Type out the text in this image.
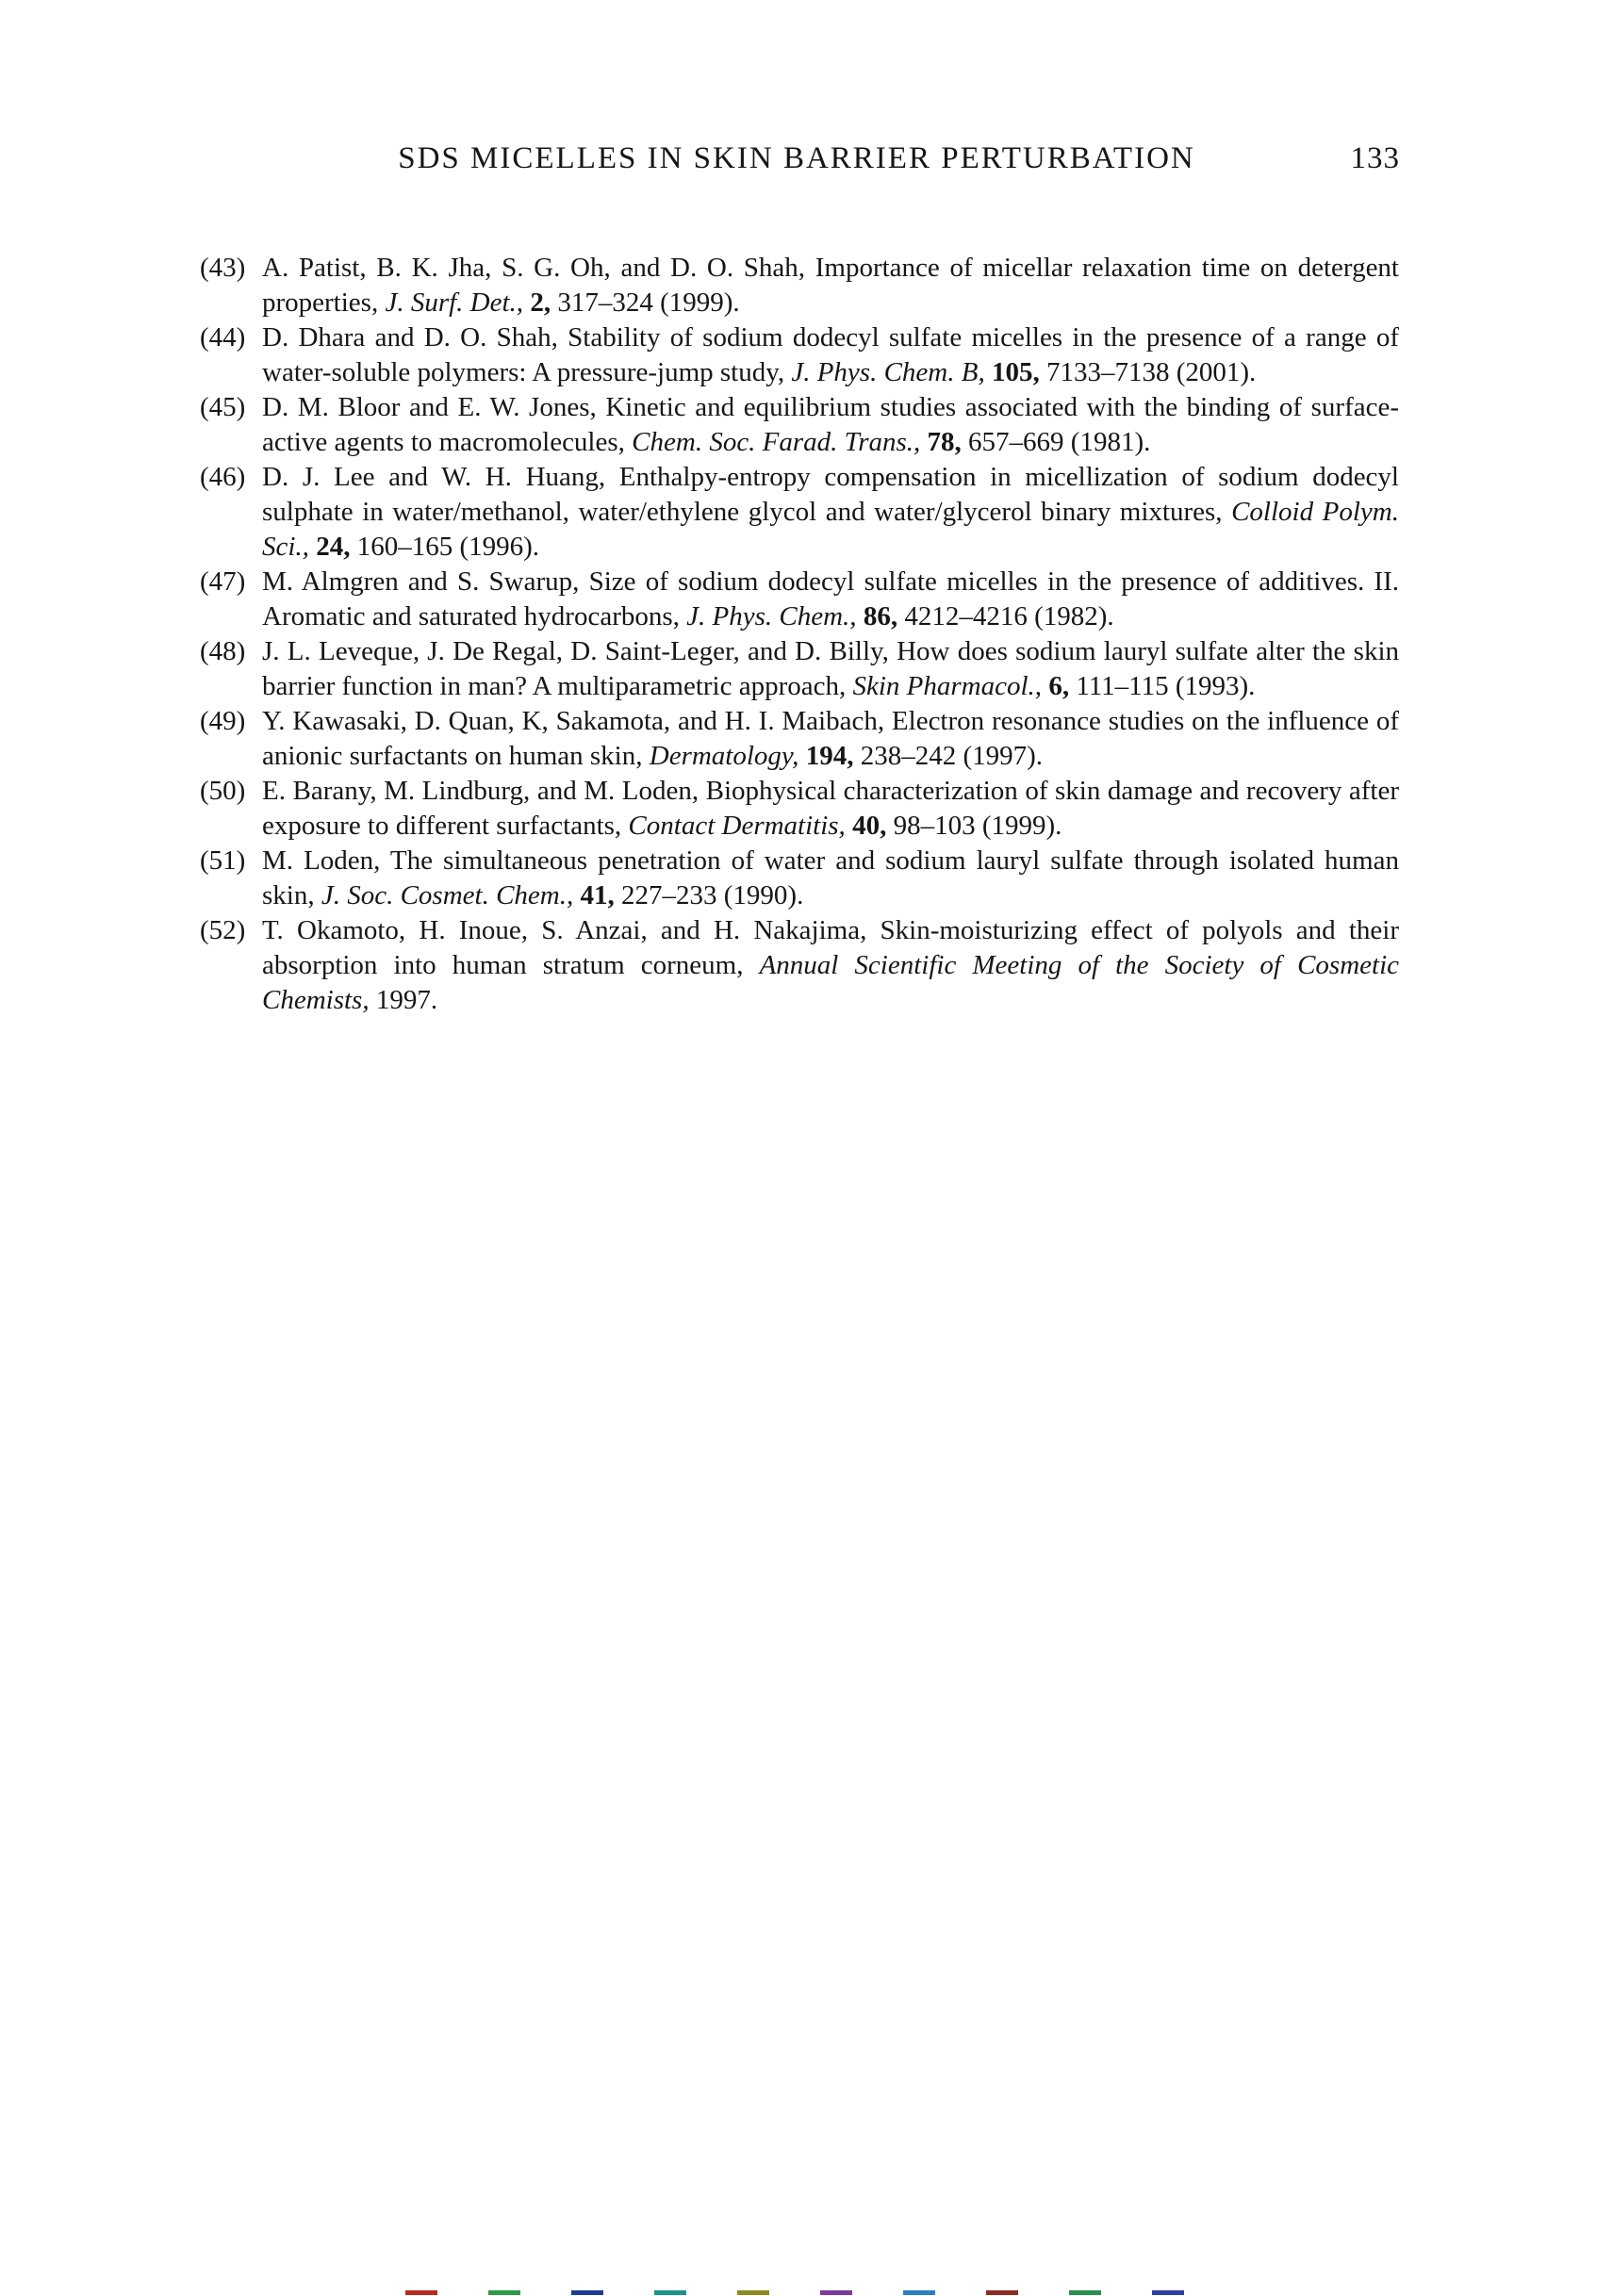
SDS MICELLES IN SKIN BARRIER PERTURBATION	133
(43) A. Patist, B. K. Jha, S. G. Oh, and D. O. Shah, Importance of micellar relaxation time on detergent properties, J. Surf. Det., 2, 317–324 (1999).
(44) D. Dhara and D. O. Shah, Stability of sodium dodecyl sulfate micelles in the presence of a range of water-soluble polymers: A pressure-jump study, J. Phys. Chem. B, 105, 7133–7138 (2001).
(45) D. M. Bloor and E. W. Jones, Kinetic and equilibrium studies associated with the binding of surface-active agents to macromolecules, Chem. Soc. Farad. Trans., 78, 657–669 (1981).
(46) D. J. Lee and W. H. Huang, Enthalpy-entropy compensation in micellization of sodium dodecyl sulphate in water/methanol, water/ethylene glycol and water/glycerol binary mixtures, Colloid Polym. Sci., 24, 160–165 (1996).
(47) M. Almgren and S. Swarup, Size of sodium dodecyl sulfate micelles in the presence of additives. II. Aromatic and saturated hydrocarbons, J. Phys. Chem., 86, 4212–4216 (1982).
(48) J. L. Leveque, J. De Regal, D. Saint-Leger, and D. Billy, How does sodium lauryl sulfate alter the skin barrier function in man? A multiparametric approach, Skin Pharmacol., 6, 111–115 (1993).
(49) Y. Kawasaki, D. Quan, K, Sakamota, and H. I. Maibach, Electron resonance studies on the influence of anionic surfactants on human skin, Dermatology, 194, 238–242 (1997).
(50) E. Barany, M. Lindburg, and M. Loden, Biophysical characterization of skin damage and recovery after exposure to different surfactants, Contact Dermatitis, 40, 98–103 (1999).
(51) M. Loden, The simultaneous penetration of water and sodium lauryl sulfate through isolated human skin, J. Soc. Cosmet. Chem., 41, 227–233 (1990).
(52) T. Okamoto, H. Inoue, S. Anzai, and H. Nakajima, Skin-moisturizing effect of polyols and their absorption into human stratum corneum, Annual Scientific Meeting of the Society of Cosmetic Chemists, 1997.
